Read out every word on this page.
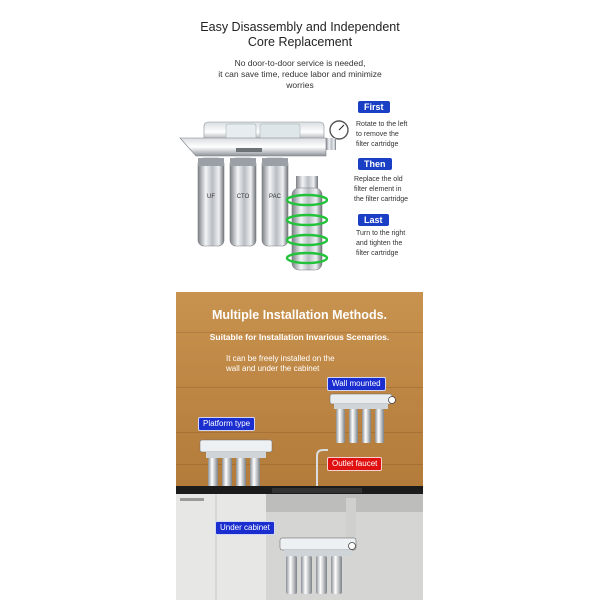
Easy Disassembly and Independent
Core Replacement
No door-to-door service is needed,
it can save time, reduce labor and minimize
worries
UF	CTO	PAC
First
Rotate to the left
to remove the
filter cartridge
Then
Replace the old
filter element in
the filter cartridge
Last
Turn to the right
and tighten the
filter cartridge
Multiple Installation Methods.
Suitable for Installation Invarious Scenarios.
It can be freely installed on the
wall and under the cabinet
Wall mounted
Platform type
Outlet faucet
Under cabinet
